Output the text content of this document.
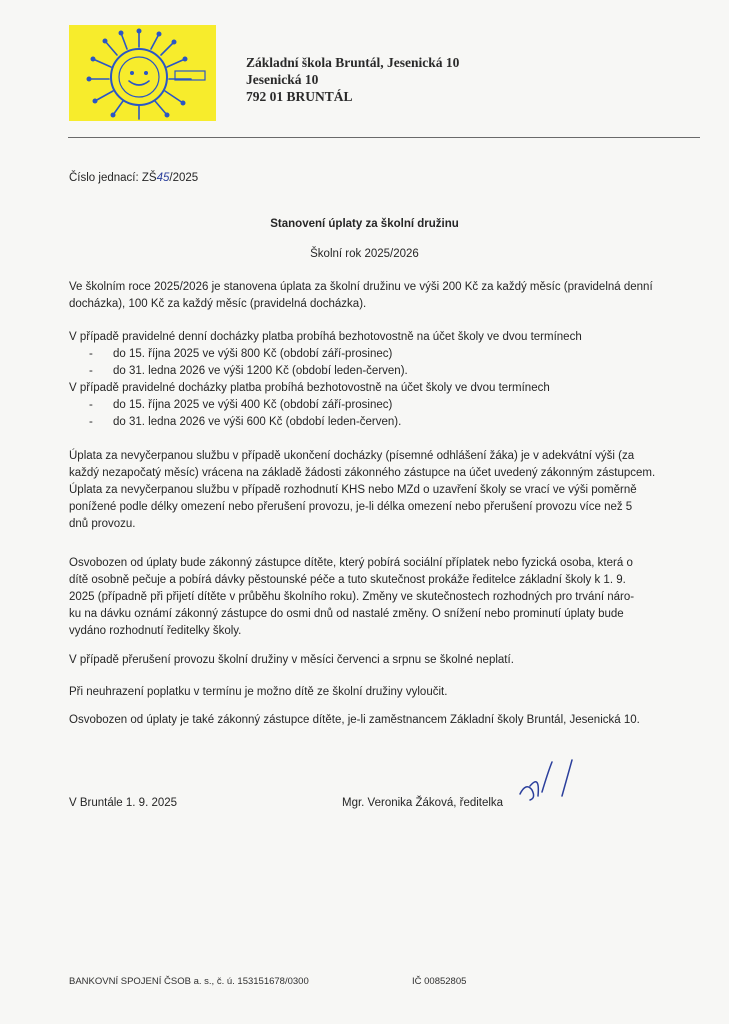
Základní škola Bruntál, Jesenická 10
Jesenická 10
792 01 BRUNTÁL
Číslo jednací: ZŠ45/2025
Stanovení úplaty za školní družinu
Školní rok 2025/2026
Ve školním roce 2025/2026 je stanovena úplata za školní družinu ve výši 200 Kč za každý měsíc (pravidelná denní
docházka), 100 Kč za každý měsíc (pravidelná docházka).
V případě pravidelné denní docházky platba probíhá bezhotovostně na účet školy ve dvou termínech
- do 15. října 2025 ve výši 800 Kč (období září-prosinec)
- do 31. ledna 2026 ve výši 1200 Kč (období leden-červen).
V případě pravidelné docházky platba probíhá bezhotovostně na účet školy ve dvou termínech
- do 15. října 2025 ve výši 400 Kč (období září-prosinec)
- do 31. ledna 2026 ve výši 600 Kč (období leden-červen).
Úplata za nevyčerpanou službu v případě ukončení docházky (písemné odhlášení žáka) je v adekvátní výši (za
každý nezapočatý měsíc) vrácena na základě žádosti zákonného zástupce na účet uvedený zákonným zástupcem.
Úplata za nevyčerpanou službu v případě rozhodnutí KHS nebo MZd o uzavření školy se vrací ve výši poměrně
ponížené podle délky omezení nebo přerušení provozu, je-li délka omezení nebo přerušení provozu více než 5
dnů provozu.
Osvobozen od úplaty bude zákonný zástupce dítěte, který pobírá sociální příplatek nebo fyzická osoba, která o
dítě osobně pečuje a pobírá dávky pěstounské péče a tuto skutečnost prokáže ředitelce základní školy k 1. 9.
2025 (případně při přijetí dítěte v průběhu školního roku). Změny ve skutečnostech rozhodných pro trvání náro-
ku na dávku oznámí zákonný zástupce do osmi dnů od nastalé změny. O snížení nebo prominutí úplaty bude
vydáno rozhodnutí ředitelky školy.
V případě přerušení provozu školní družiny v měsíci červenci a srpnu se školné neplatí.
Při neuhrazení poplatku v termínu je možno dítě ze školní družiny vyloučit.
Osvobozen od úplaty je také zákonný zástupce dítěte, je-li zaměstnancem Základní školy Bruntál, Jesenická 10.
V Bruntále 1. 9. 2025	Mgr. Veronika Žáková, ředitelka
BANKOVNÍ SPOJENÍ ČSOB a. s., č. ú. 153151678/0300	IČ 00852805
